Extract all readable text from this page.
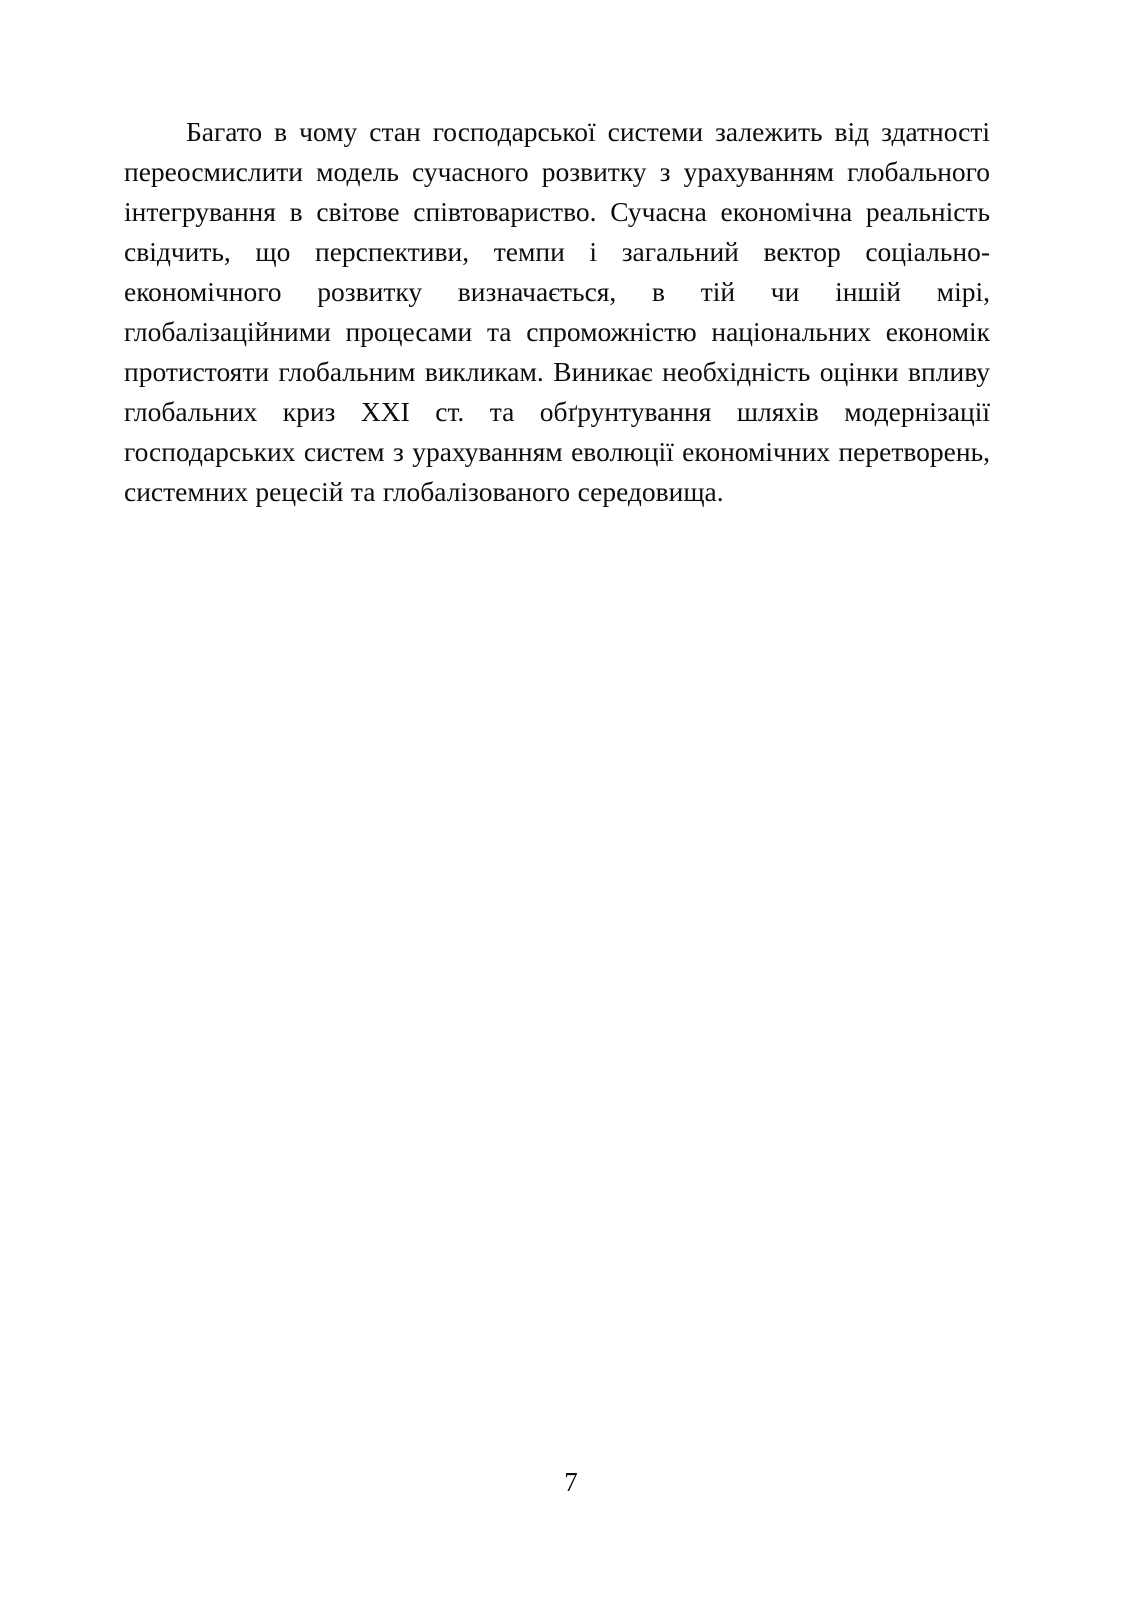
Багато в чому стан господарської системи залежить від здатності переосмислити модель сучасного розвитку з урахуванням глобального інтегрування в світове співтовариство. Сучасна економічна реальність свідчить, що перспективи, темпи і загальний вектор соціально-економічного розвитку визначається, в тій чи іншій мірі, глобалізаційними процесами та спроможністю національних економік протистояти глобальним викликам. Виникає необхідність оцінки впливу глобальних криз XXI ст. та обґрунтування шляхів модернізації господарських систем з урахуванням еволюції економічних перетворень, системних рецесій та глобалізованого середовища.

7
